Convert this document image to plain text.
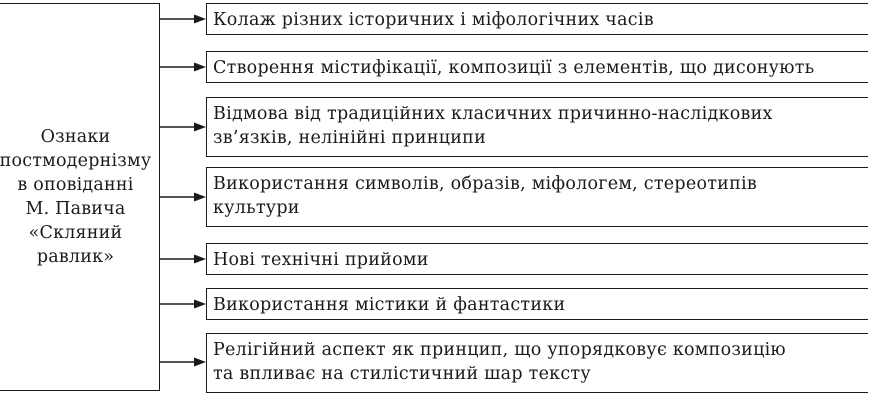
Ознаки
постмодернізму
в оповіданні
М. Павича
«Скляний
равлик»
Колаж різних історичних і міфологічних часів
Створення містифікації, композиції з елементів, що дисонують
Відмова від традиційних класичних причинно-наслідкових
зв’язків, нелінійні принципи
Використання символів, образів, міфологем, стереотипів
культури
Нові технічні прийоми
Використання містики й фантастики
Релігійний аспект як принцип, що упорядковує композицію
та впливає на стилістичний шар тексту
